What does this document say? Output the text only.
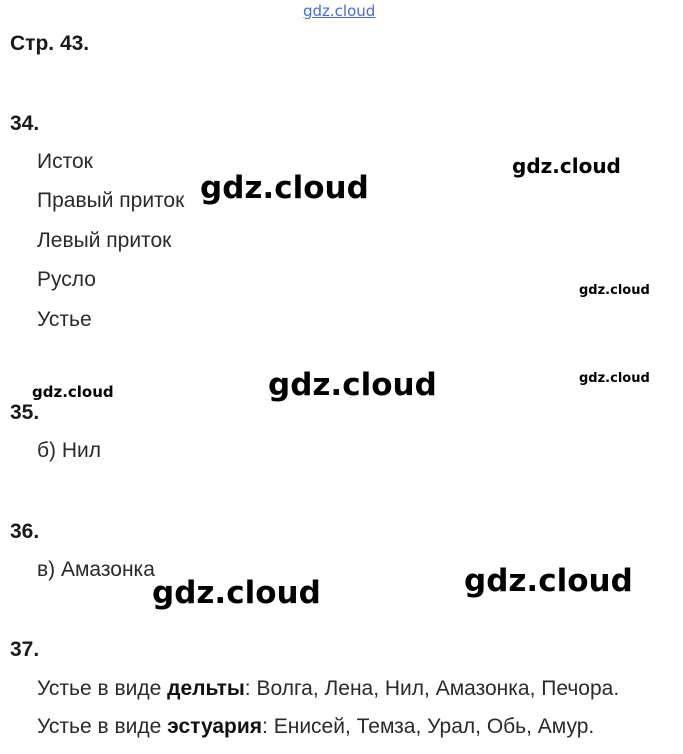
gdz.cloud
Стр. 43.
34.
Исток
Правый приток
Левый приток
Русло
Устье
35.
б) Нил
36.
в) Амазонка
37.
Устье в виде дельты: Волга, Лена, Нил, Амазонка, Печора.
Устье в виде эстуария: Енисей, Темза, Урал, Обь, Амур.
gdz.cloud
gdz.cloud
gdz.cloud
gdz.cloud
gdz.cloud
gdz.cloud
gdz.cloud
gdz.cloud
